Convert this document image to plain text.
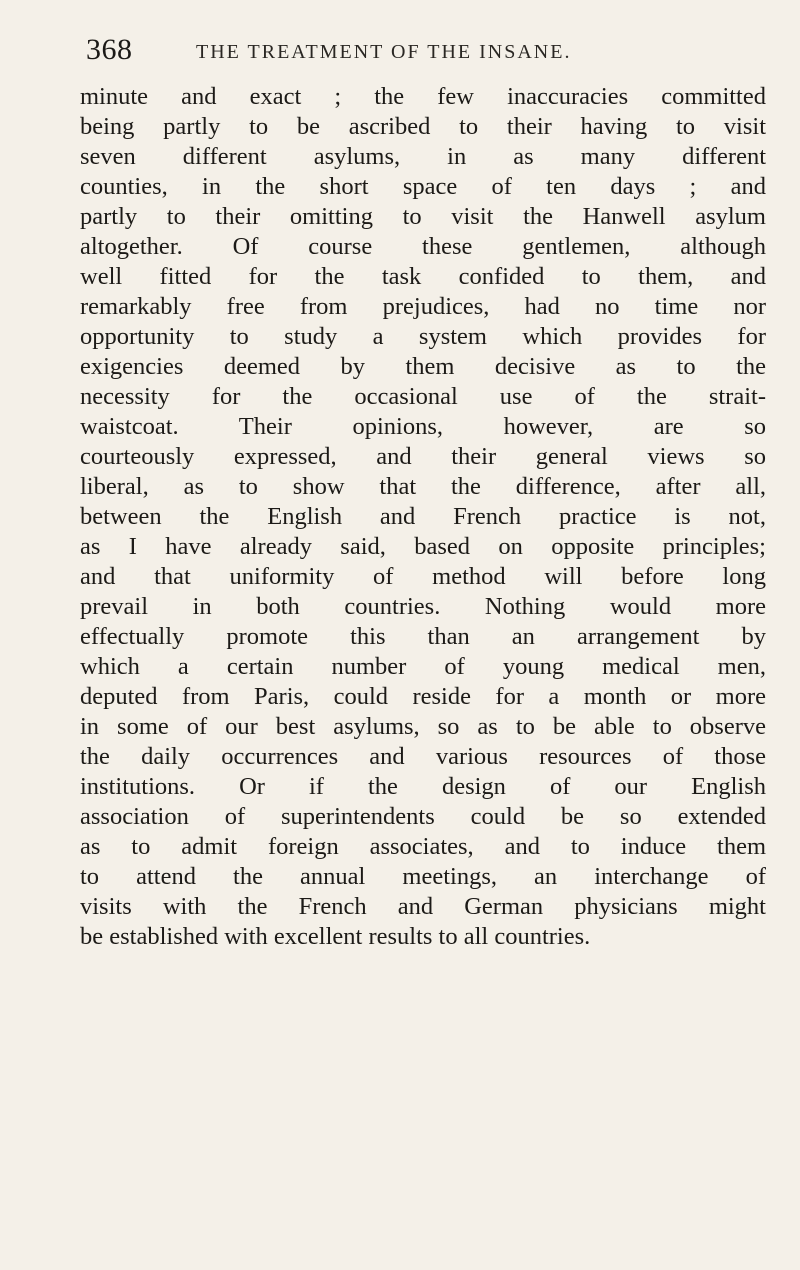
368	THE TREATMENT OF THE INSANE.
minute and exact ; the few inaccuracies committed
being partly to be ascribed to their having to visit
seven different asylums, in as many different
counties, in the short space of ten days ; and
partly to their omitting to visit the Hanwell asylum
altogether. Of course these gentlemen, although
well fitted for the task confided to them, and
remarkably free from prejudices, had no time nor
opportunity to study a system which provides for
exigencies deemed by them decisive as to the
necessity for the occasional use of the strait-
waistcoat. Their opinions, however, are so
courteously expressed, and their general views so
liberal, as to show that the difference, after all,
between the English and French practice is not,
as I have already said, based on opposite principles;
and that uniformity of method will before long
prevail in both countries. Nothing would more
effectually promote this than an arrangement by
which a certain number of young medical men,
deputed from Paris, could reside for a month or more
in some of our best asylums, so as to be able to observe
the daily occurrences and various resources of those
institutions. Or if the design of our English
association of superintendents could be so extended
as to admit foreign associates, and to induce them
to attend the annual meetings, an interchange of
visits with the French and German physicians might
be established with excellent results to all countries.
